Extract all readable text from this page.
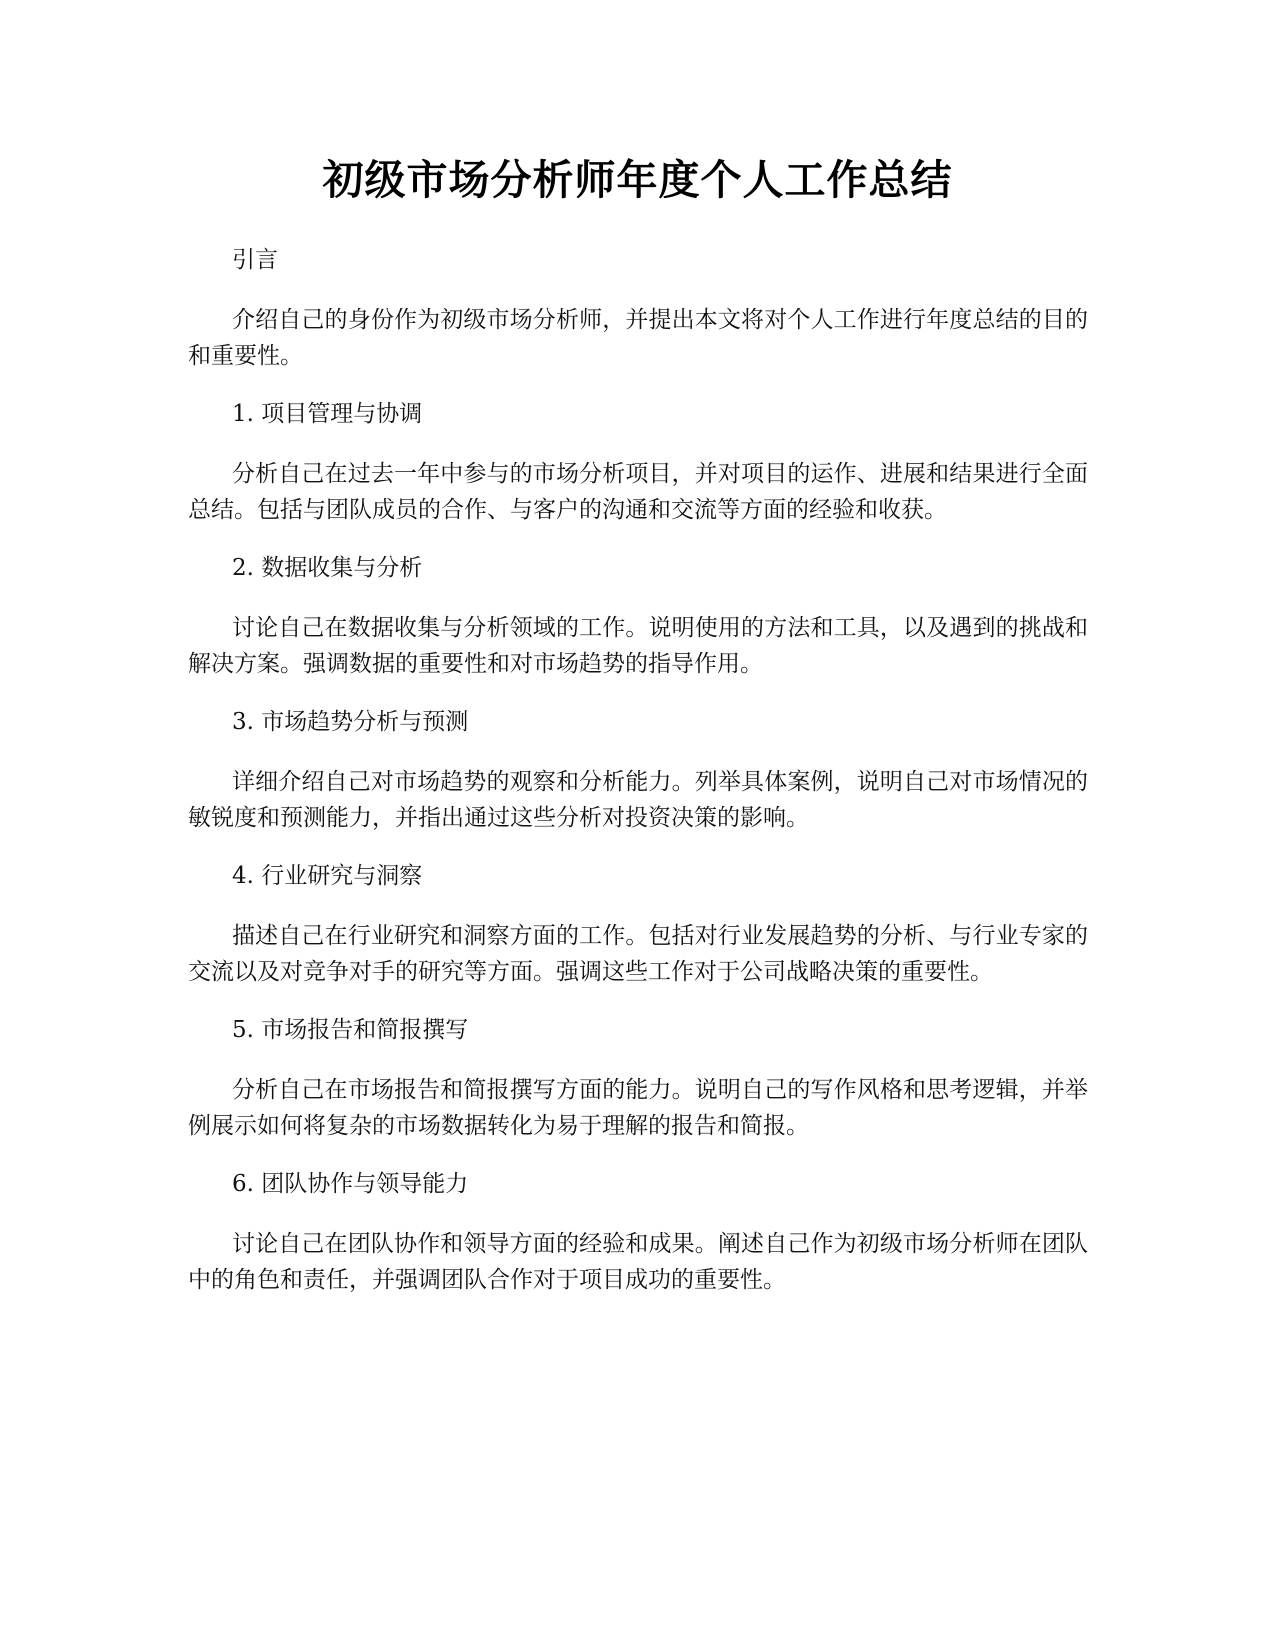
初级市场分析师年度个人工作总结

引言

介绍自己的身份作为初级市场分析师，并提出本文将对个人工作进行年度总结的目的和重要性。

1. 项目管理与协调

分析自己在过去一年中参与的市场分析项目，并对项目的运作、进展和结果进行全面总结。包括与团队成员的合作、与客户的沟通和交流等方面的经验和收获。

2. 数据收集与分析

讨论自己在数据收集与分析领域的工作。说明使用的方法和工具，以及遇到的挑战和解决方案。强调数据的重要性和对市场趋势的指导作用。

3. 市场趋势分析与预测

详细介绍自己对市场趋势的观察和分析能力。列举具体案例，说明自己对市场情况的敏锐度和预测能力，并指出通过这些分析对投资决策的影响。

4. 行业研究与洞察

描述自己在行业研究和洞察方面的工作。包括对行业发展趋势的分析、与行业专家的交流以及对竞争对手的研究等方面。强调这些工作对于公司战略决策的重要性。

5. 市场报告和简报撰写

分析自己在市场报告和简报撰写方面的能力。说明自己的写作风格和思考逻辑，并举例展示如何将复杂的市场数据转化为易于理解的报告和简报。

6. 团队协作与领导能力

讨论自己在团队协作和领导方面的经验和成果。阐述自己作为初级市场分析师在团队中的角色和责任，并强调团队合作对于项目成功的重要性。
